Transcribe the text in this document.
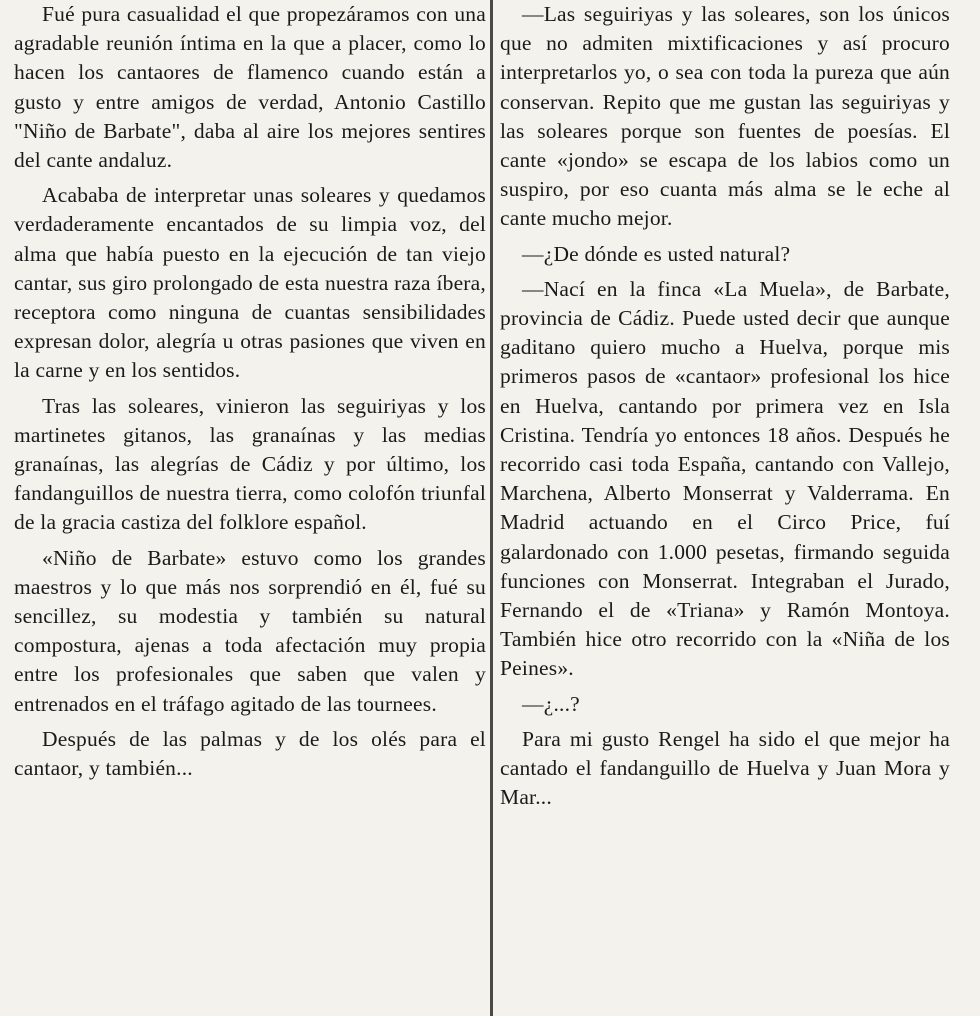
Fué pura casualidad el que propezáramos con una agradable reunión íntima en la que a placer, como lo hacen los cantaores de flamenco cuando están a gusto y entre amigos de verdad, Antonio Castillo "Niño de Barbate", daba al aire los mejores sentires del cante andaluz.

Acababa de interpretar unas soleares y quedamos verdaderamente encantados de su limpia voz, del alma que había puesto en la ejecución de tan viejo cantar, sus giro prolongado de esta nuestra raza íbera, receptora como ninguna de cuantas sensibilidades expresan dolor, alegría u otras pasiones que viven en la carne y en los sentidos.

Tras las soleares, vinieron las seguiriyas y los martinetes gitanos, las granaínas y las medias granaínas, las alegrías de Cádiz y por último, los fandanguillos de nuestra tierra, como colofón triunfal de la gracia castiza del folklore español.

«Niño de Barbate» estuvo como los grandes maestros y lo que más nos sorprendió en él, fué su sencillez, su modestia y también su natural compostura, ajenas a toda afectación muy propia entre los profesionales que saben que valen y entrenados en el tráfago agitado de las tournees.

Después de las palmas y de los olés para el cantaor, y también...

—Las seguiriyas y las soleares, son los únicos que no admiten mixtificaciones y así procuro interpretarlos yo, o sea con toda la pureza que aún conservan. Repito que me gustan las seguiriyas y las soleares porque son fuentes de poesías. El cante «jondo» se escapa de los labios como un suspiro, por eso cuanta más alma se le eche al cante mucho mejor.

—¿De dónde es usted natural?

—Nací en la finca «La Muela», de Barbate, provincia de Cádiz. Puede usted decir que aunque gaditano quiero mucho a Huelva, porque mis primeros pasos de «cantaor» profesional los hice en Huelva, cantando por primera vez en Isla Cristina. Tendría yo entonces 18 años. Después he recorrido casi toda España, cantando con Vallejo, Marchena, Alberto Monserrat y Valderrama. En Madrid actuando en el Circo Price, fuí galardonado con 1.000 pesetas, firmando seguida funciones con Monserrat. Integraban el Jurado, Fernando el de «Triana» y Ramón Montoya. También hice otro recorrido con la «Niña de los Peines».

—¿...?

Para mi gusto Rengel ha sido el que mejor ha cantado el fandanguillo de Huelva y Juan Mora y Mar...
